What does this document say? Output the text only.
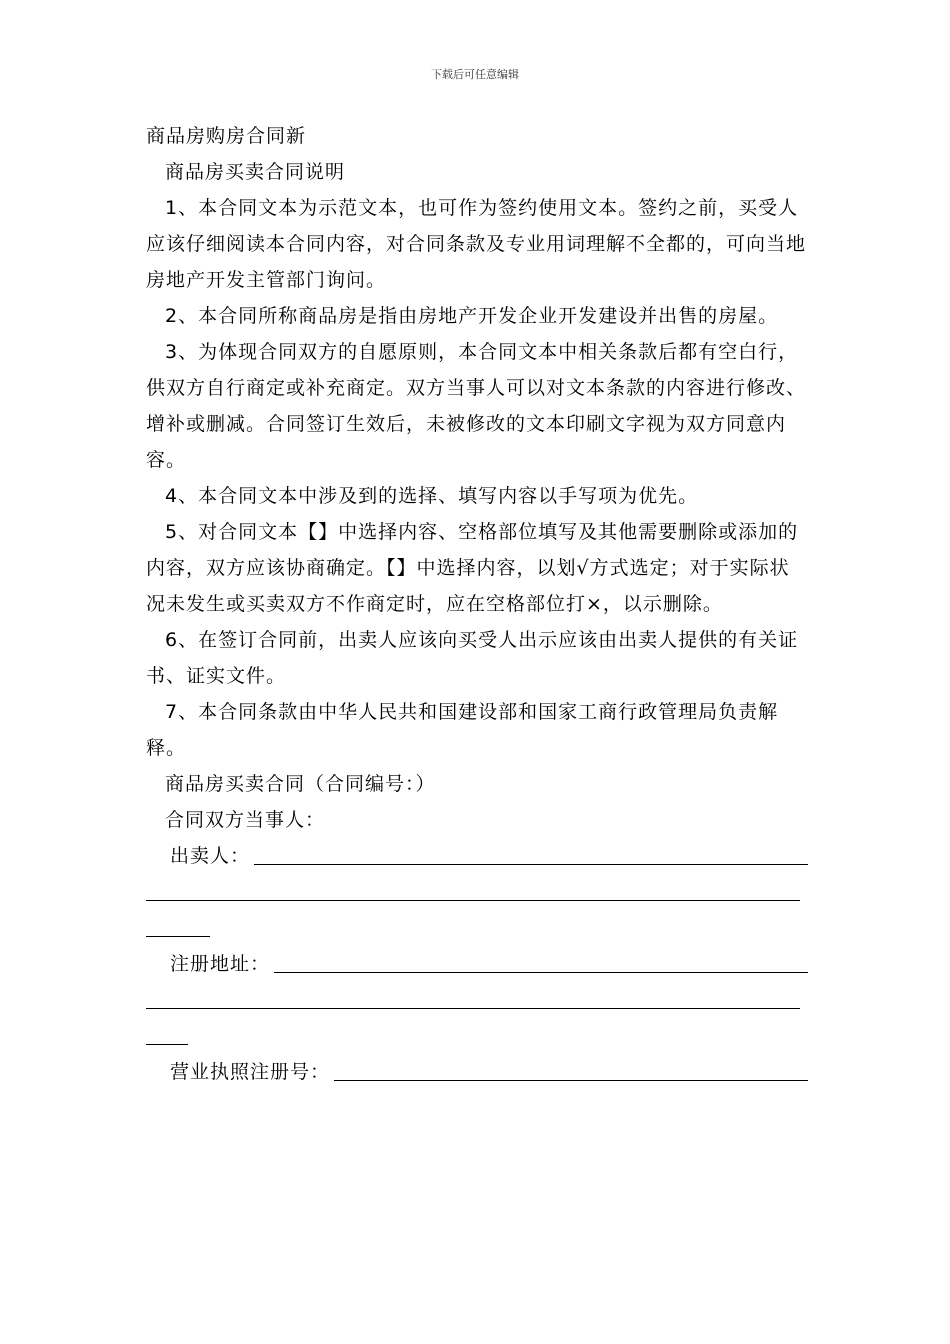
下载后可任意编辑

商品房购房合同新

商品房买卖合同说明

1、本合同文本为示范文本，也可作为签约使用文本。签约之前，买受人应该仔细阅读本合同内容，对合同条款及专业用词理解不全都的，可向当地房地产开发主管部门询问。

2、本合同所称商品房是指由房地产开发企业开发建设并出售的房屋。

3、为体现合同双方的自愿原则，本合同文本中相关条款后都有空白行，供双方自行商定或补充商定。双方当事人可以对文本条款的内容进行修改、增补或删减。合同签订生效后，未被修改的文本印刷文字视为双方同意内容。

4、本合同文本中涉及到的选择、填写内容以手写项为优先。

5、对合同文本【】中选择内容、空格部位填写及其他需要删除或添加的内容，双方应该协商确定。【】中选择内容，以划√方式选定；对于实际状况未发生或买卖双方不作商定时，应在空格部位打×，以示删除。

6、在签订合同前，出卖人应该向买受人出示应该由出卖人提供的有关证书、证实文件。

7、本合同条款由中华人民共和国建设部和国家工商行政管理局负责解释。

商品房买卖合同（合同编号：）

合同双方当事人：

出卖人：
注册地址：
营业执照注册号：
